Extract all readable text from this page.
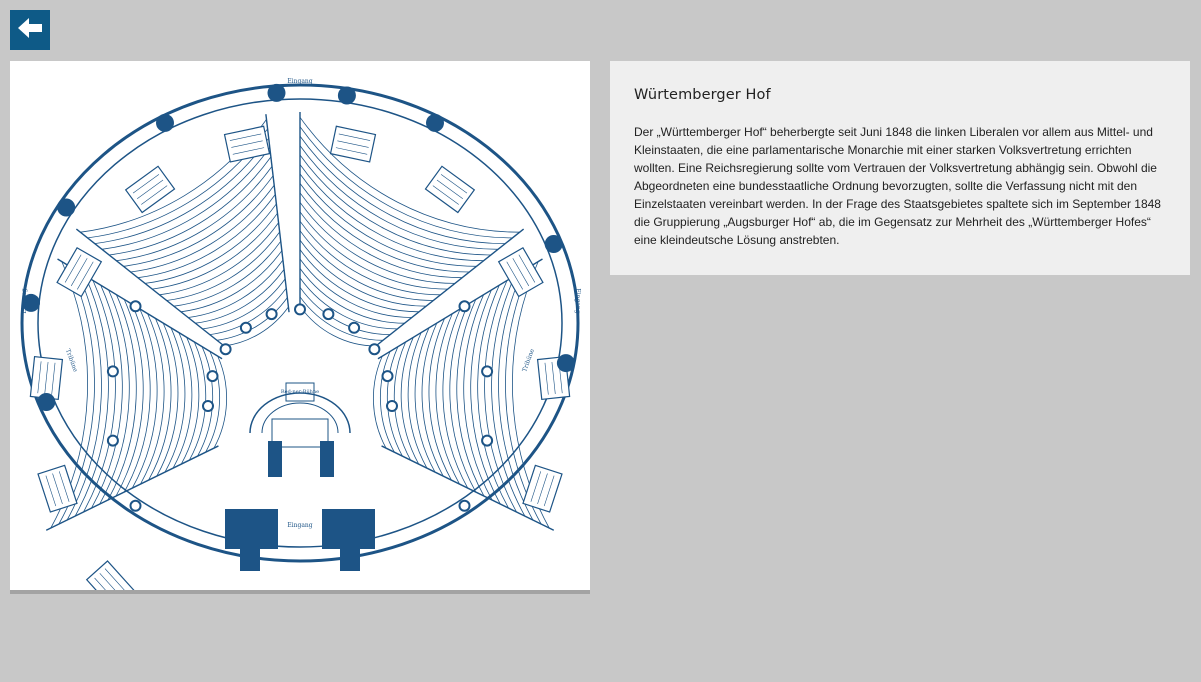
Eingang
Eingang
Eingang	Eingang
Red-ner-Bühne
Tribüne	Tribüne
Würtemberger Hof

Der „Württemberger Hof“ beherbergte seit Juni 1848 die linken Liberalen vor allem aus Mittel- und Kleinstaaten, die eine parlamentarische Monarchie mit einer starken Volksvertretung errichten wollten. Eine Reichsregierung sollte vom Vertrauen der Volksvertretung abhängig sein. Obwohl die Abgeordneten eine bundesstaatliche Ordnung bevorzugten, sollte die Verfassung nicht mit den Einzelstaaten vereinbart werden. In der Frage des Staatsgebietes spaltete sich im September 1848 die Gruppierung „Augsburger Hof“ ab, die im Gegensatz zur Mehrheit des „Württemberger Hofes“ eine kleindeutsche Lösung anstrebten.
